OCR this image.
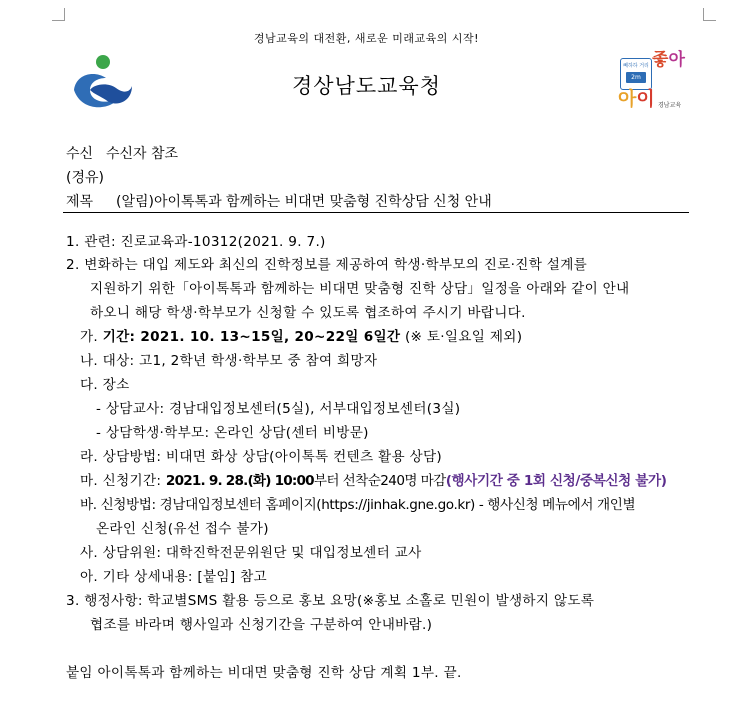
경남교육의 대전환, 새로운 미래교육의 시작!
경상남도교육청
빼하하 거리
2m
좋아
아이 경남교육
수신 수신자 참조
(경유)
제목 (알림)아이톡톡과 함께하는 비대면 맞춤형 진학상담 신청 안내
1. 관련: 진로교육과-10312(2021. 9. 7.)
2. 변화하는 대입 제도와 최신의 진학정보를 제공하여 학생·학부모의 진로·진학 설계를
지원하기 위한「아이톡톡과 함께하는 비대면 맞춤형 진학 상담」일정을 아래와 같이 안내
하오니 해당 학생·학부모가 신청할 수 있도록 협조하여 주시기 바랍니다.
가. 기간: 2021. 10. 13~15일, 20~22일 6일간 (※ 토·일요일 제외)
나. 대상: 고1, 2학년 학생·학부모 중 참여 희망자
다. 장소
- 상담교사: 경남대입정보센터(5실), 서부대입정보센터(3실)
- 상담학생·학부모: 온라인 상담(센터 비방문)
라. 상담방법: 비대면 화상 상담(아이톡톡 컨텐츠 활용 상담)
마. 신청기간: 2021. 9. 28.(화) 10:00부터 선착순240명 마감(행사기간 중 1회 신청/중복신청 불가)
바. 신청방법: 경남대입정보센터 홈페이지(https://jinhak.gne.go.kr) - 행사신청 메뉴에서 개인별
온라인 신청(유선 접수 불가)
사. 상담위원: 대학진학전문위원단 및 대입정보센터 교사
아. 기타 상세내용: [붙임] 참고
3. 행정사항: 학교별SMS 활용 등으로 홍보 요망(※홍보 소홀로 민원이 발생하지 않도록
협조를 바라며 행사일과 신청기간을 구분하여 안내바람.)
붙임 아이톡톡과 함께하는 비대면 맞춤형 진학 상담 계획 1부. 끝.
